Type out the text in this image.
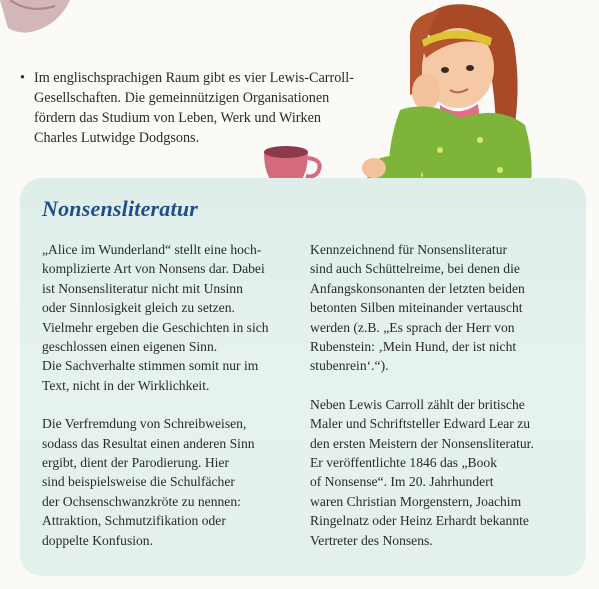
• Im englischsprachigen Raum gibt es vier Lewis-Carroll-
Gesellschaften. Die gemeinnützigen Organisationen
fördern das Studium von Leben, Werk und Wirken
Charles Lutwidge Dodgsons.
Nonsensliteratur

„Alice im Wunderland“ stellt eine hoch-
komplizierte Art von Nonsens dar. Dabei
ist Nonsensliteratur nicht mit Unsinn
oder Sinnlosigkeit gleich zu setzen.
Vielmehr ergeben die Geschichten in sich
geschlossen einen eigenen Sinn.
Die Sachverhalte stimmen somit nur im
Text, nicht in der Wirklichkeit.

Die Verfremdung von Schreibweisen,
sodass das Resultat einen anderen Sinn
ergibt, dient der Parodierung. Hier
sind beispielsweise die Schulfächer
der Ochsenschwanzkröte zu nennen:
Attraktion, Schmutzifikation oder
doppelte Konfusion.

Kennzeichnend für Nonsensliteratur
sind auch Schüttelreime, bei denen die
Anfangskonsonanten der letzten beiden
betonten Silben miteinander vertauscht
werden (z.B. „Es sprach der Herr von
Rubenstein: ‚Mein Hund, der ist nicht
stubenrein‘.“).

Neben Lewis Carroll zählt der britische
Maler und Schriftsteller Edward Lear zu
den ersten Meistern der Nonsensliteratur.
Er veröffentlichte 1846 das „Book
of Nonsense“. Im 20. Jahrhundert
waren Christian Morgenstern, Joachim
Ringelnatz oder Heinz Erhardt bekannte
Vertreter des Nonsens.
